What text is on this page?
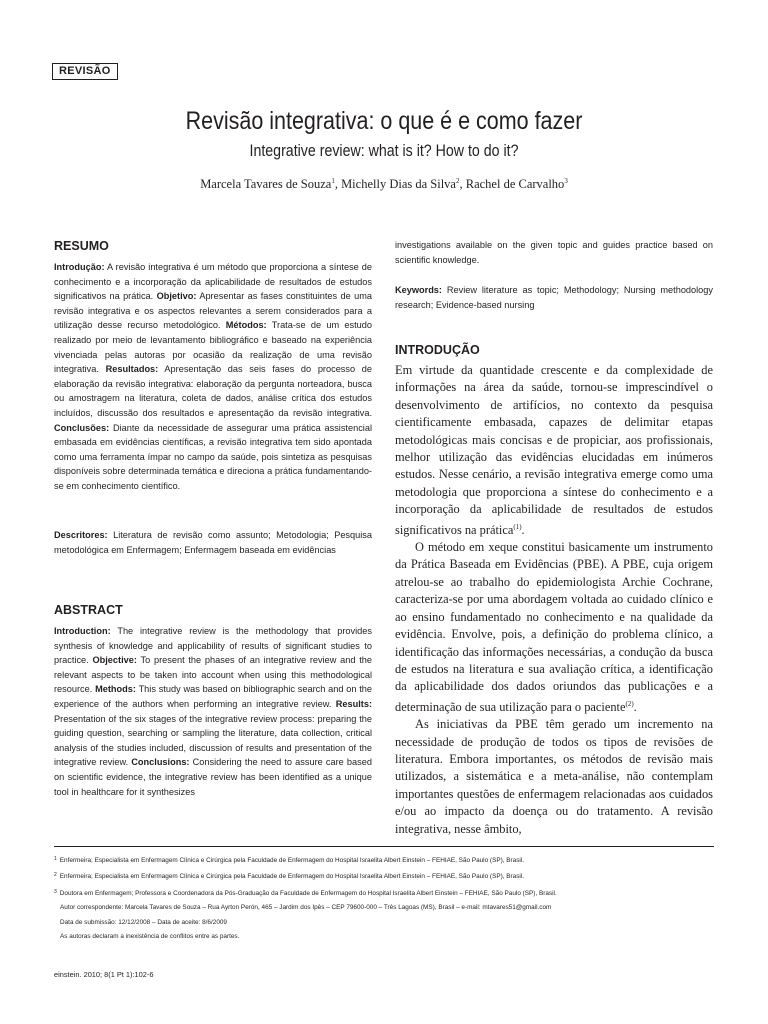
REVISÃO
Revisão integrativa: o que é e como fazer
Integrative review: what is it? How to do it?
Marcela Tavares de Souza$^1$, Michelly Dias da Silva$^2$, Rachel de Carvalho$^3$
RESUMO
Introdução: A revisão integrativa é um método que proporciona a síntese de conhecimento e a incorporação da aplicabilidade de resultados de estudos significativos na prática. Objetivo: Apresentar as fases constituintes de uma revisão integrativa e os aspectos relevantes a serem considerados para a utilização desse recurso metodológico. Métodos: Trata-se de um estudo realizado por meio de levantamento bibliográfico e baseado na experiência vivenciada pelas autoras por ocasião da realização de uma revisão integrativa. Resultados: Apresentação das seis fases do processo de elaboração da revisão integrativa: elaboração da pergunta norteadora, busca ou amostragem na literatura, coleta de dados, análise crítica dos estudos incluídos, discussão dos resultados e apresentação da revisão integrativa. Conclusões: Diante da necessidade de assegurar uma prática assistencial embasada em evidências científicas, a revisão integrativa tem sido apontada como uma ferramenta ímpar no campo da saúde, pois sintetiza as pesquisas disponíveis sobre determinada temática e direciona a prática fundamentando-se em conhecimento científico.
Descritores: Literatura de revisão como assunto; Metodologia; Pesquisa metodológica em Enfermagem; Enfermagem baseada em evidências
ABSTRACT
Introduction: The integrative review is the methodology that provides synthesis of knowledge and applicability of results of significant studies to practice. Objective: To present the phases of an integrative review and the relevant aspects to be taken into account when using this methodological resource. Methods: This study was based on bibliographic search and on the experience of the authors when performing an integrative review. Results: Presentation of the six stages of the integrative review process: preparing the guiding question, searching or sampling the literature, data collection, critical analysis of the studies included, discussion of results and presentation of the integrative review. Conclusions: Considering the need to assure care based on scientific evidence, the integrative review has been identified as a unique tool in healthcare for it synthesizes
investigations available on the given topic and guides practice based on scientific knowledge.
Keywords: Review literature as topic; Methodology; Nursing methodology research; Evidence-based nursing
INTRODUÇÃO

Em virtude da quantidade crescente e da complexidade de informações na área da saúde, tornou-se imprescindível o desenvolvimento de artifícios, no contexto da pesquisa cientificamente embasada, capazes de delimitar etapas metodológicas mais concisas e de propiciar, aos profissionais, melhor utilização das evidências elucidadas em inúmeros estudos. Nesse cenário, a revisão integrativa emerge como uma metodologia que proporciona a síntese do conhecimento e a incorporação da aplicabilidade de resultados de estudos significativos na prática$^{(1)}$.

O método em xeque constitui basicamente um instrumento da Prática Baseada em Evidências (PBE). A PBE, cuja origem atrelou-se ao trabalho do epidemiologista Archie Cochrane, caracteriza-se por uma abordagem voltada ao cuidado clínico e ao ensino fundamentado no conhecimento e na qualidade da evidência. Envolve, pois, a definição do problema clínico, a identificação das informações necessárias, a condução da busca de estudos na literatura e sua avaliação crítica, a identificação da aplicabilidade dos dados oriundos das publicações e a determinação de sua utilização para o paciente$^{(2)}$.

As iniciativas da PBE têm gerado um incremento na necessidade de produção de todos os tipos de revisões de literatura. Embora importantes, os métodos de revisão mais utilizados, a sistemática e a meta-análise, não contemplam importantes questões de enfermagem relacionadas aos cuidados e/ou ao impacto da doença ou do tratamento. A revisão integrativa, nesse âmbito,

$^1$ Enfermeira; Especialista em Enfermagem Clínica e Cirúrgica pela Faculdade de Enfermagem do Hospital Israelita Albert Einstein – FEHIAE, São Paulo (SP), Brasil.
$^2$ Enfermeira; Especialista em Enfermagem Clínica e Cirúrgica pela Faculdade de Enfermagem do Hospital Israelita Albert Einstein – FEHIAE, São Paulo (SP), Brasil.
$^3$ Doutora em Enfermagem; Professora e Coordenadora da Pós-Graduação da Faculdade de Enfermagem do Hospital Israelita Albert Einstein – FEHIAE, São Paulo (SP), Brasil.
Autor correspondente: Marcela Tavares de Souza – Rua Ayrton Perón, 465 – Jardim dos Ipês – CEP 79600-000 – Três Lagoas (MS), Brasil – e-mail: mtavares51@gmail.com
Data de submissão: 12/12/2008 – Data de aceite: 8/6/2009
As autoras declaram a inexistência de conflitos entre as partes.
einstein. 2010; 8(1 Pt 1):102-6
